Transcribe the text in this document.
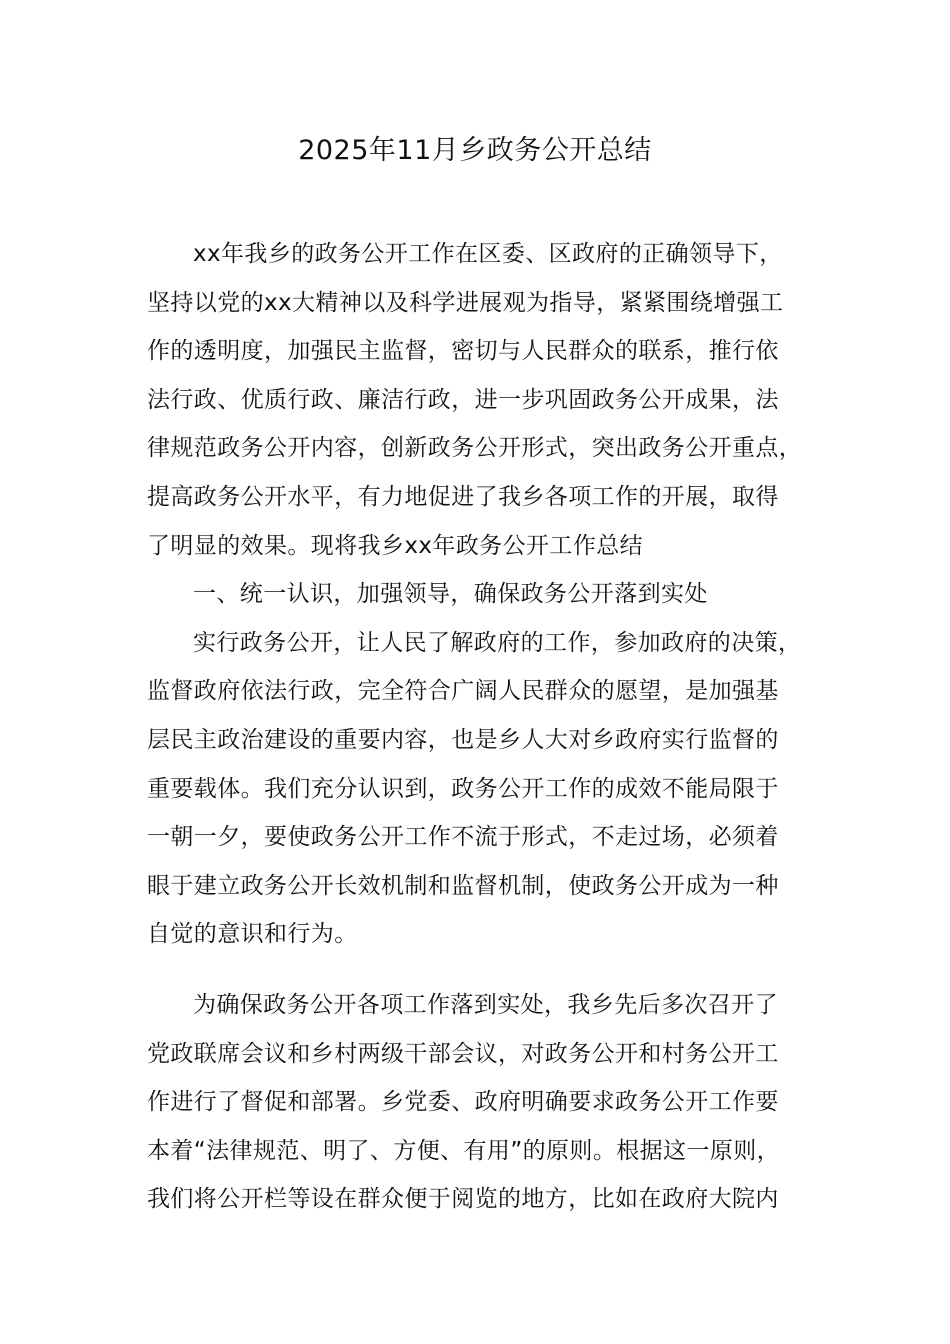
2025年11月乡政务公开总结
xx年我乡的政务公开工作在区委、区政府的正确领导下，
坚持以党的xx大精神以及科学进展观为指导，紧紧围绕增强工
作的透明度，加强民主监督，密切与人民群众的联系，推行依
法行政、优质行政、廉洁行政，进一步巩固政务公开成果，法
律规范政务公开内容，创新政务公开形式，突出政务公开重点，
提高政务公开水平，有力地促进了我乡各项工作的开展，取得
了明显的效果。现将我乡xx年政务公开工作总结
一、统一认识，加强领导，确保政务公开落到实处
实行政务公开，让人民了解政府的工作，参加政府的决策，
监督政府依法行政，完全符合广阔人民群众的愿望，是加强基
层民主政治建设的重要内容，也是乡人大对乡政府实行监督的
重要载体。我们充分认识到，政务公开工作的成效不能局限于
一朝一夕，要使政务公开工作不流于形式，不走过场，必须着
眼于建立政务公开长效机制和监督机制，使政务公开成为一种
自觉的意识和行为。
为确保政务公开各项工作落到实处，我乡先后多次召开了
党政联席会议和乡村两级干部会议，对政务公开和村务公开工
作进行了督促和部署。乡党委、政府明确要求政务公开工作要
本着“法律规范、明了、方便、有用”的原则。根据这一原则，
我们将公开栏等设在群众便于阅览的地方，比如在政府大院内
